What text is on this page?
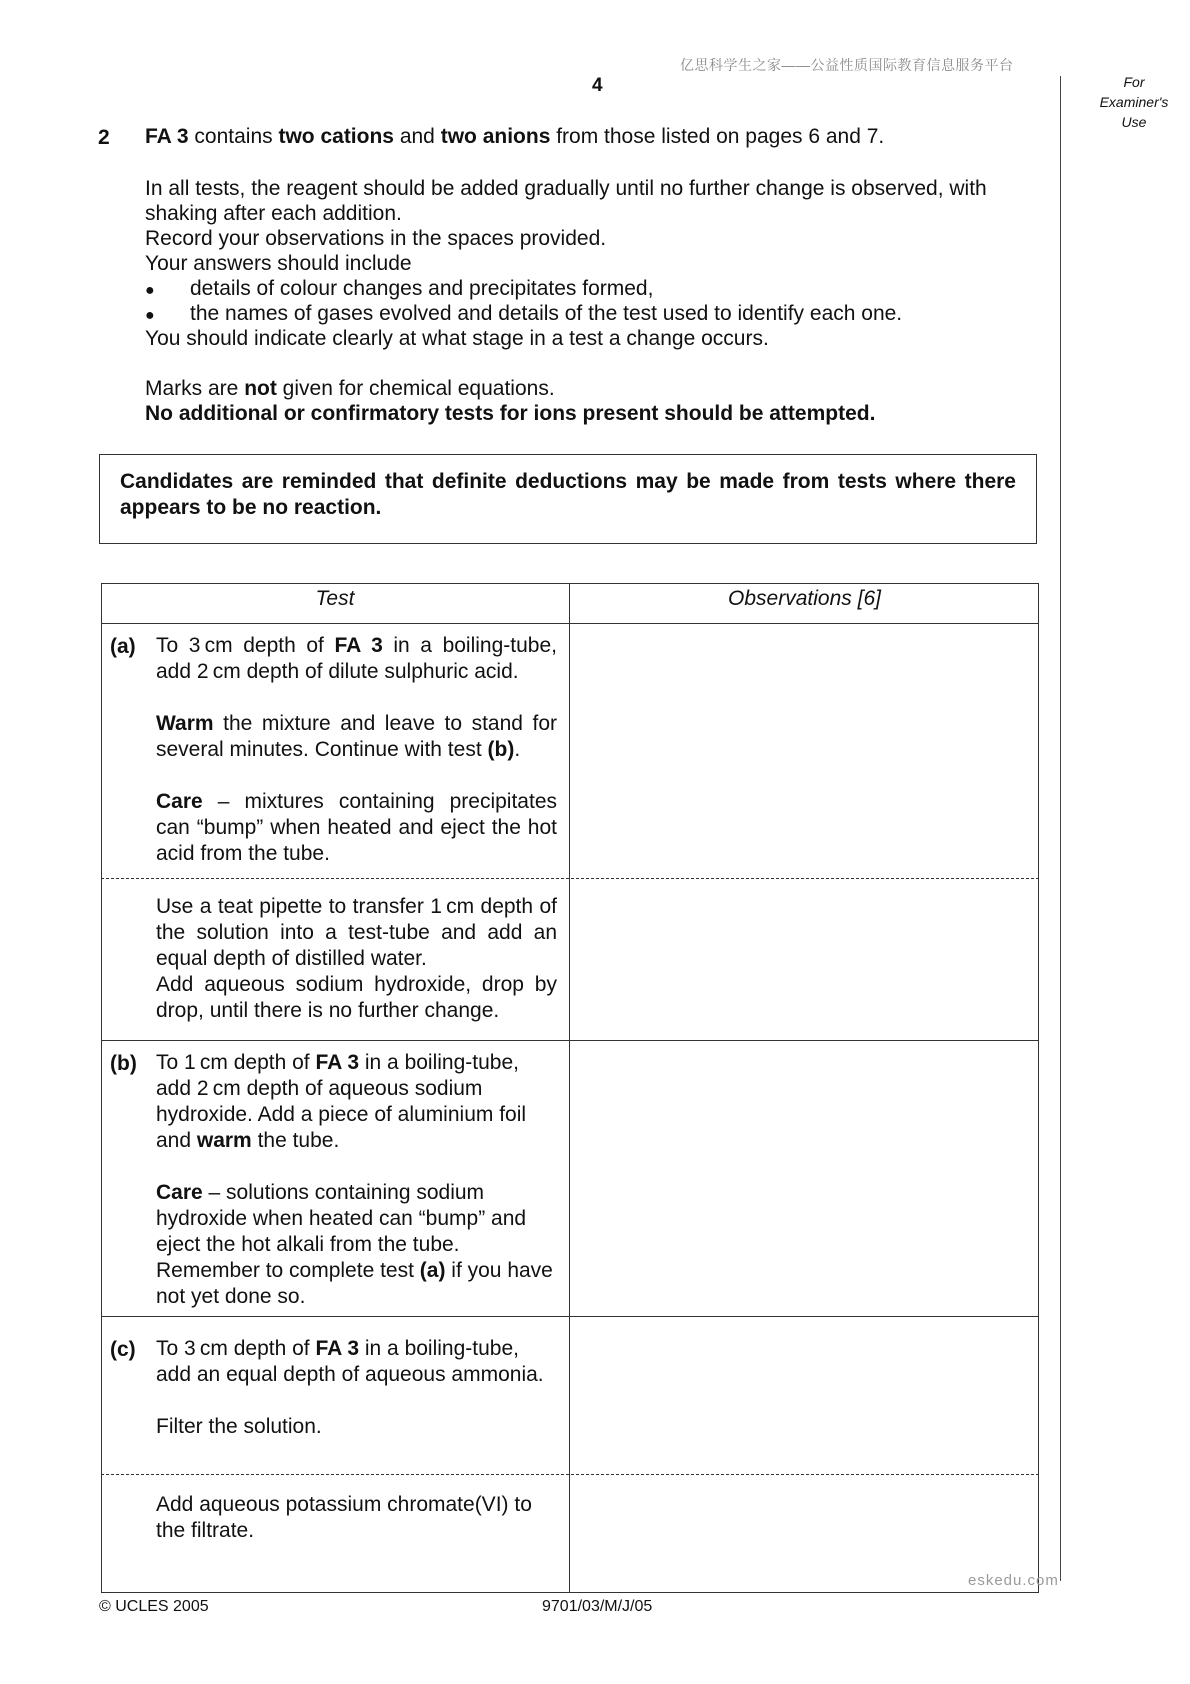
亿思科学生之家——公益性质国际教育信息服务平台
4	For
Examiner's
Use
2 FA 3 contains two cations and two anions from those listed on pages 6 and 7.
In all tests, the reagent should be added gradually until no further change is observed, with
shaking after each addition.
Record your observations in the spaces provided.
Your answers should include
● details of colour changes and precipitates formed,
● the names of gases evolved and details of the test used to identify each one.
You should indicate clearly at what stage in a test a change occurs.
Marks are not given for chemical equations.
No additional or confirmatory tests for ions present should be attempted.
Candidates are reminded that definite deductions may be made from tests where there appears to be no reaction.
Test	Observations [6]
(a) To 3 cm depth of FA 3 in a boiling-tube, add 2 cm depth of dilute sulphuric acid.

Warm the mixture and leave to stand for several minutes. Continue with test (b).

Care – mixtures containing precipitates can “bump” when heated and eject the hot acid from the tube.

Use a teat pipette to transfer 1 cm depth of the solution into a test-tube and add an equal depth of distilled water.

Add aqueous sodium hydroxide, drop by drop, until there is no further change.

(b) To 1 cm depth of FA 3 in a boiling-tube, add 2 cm depth of aqueous sodium hydroxide. Add a piece of aluminium foil and warm the tube.

Care – solutions containing sodium hydroxide when heated can “bump” and eject the hot alkali from the tube.

Remember to complete test (a) if you have not yet done so.

(c) To 3 cm depth of FA 3 in a boiling-tube, add an equal depth of aqueous ammonia.

Filter the solution.

Add aqueous potassium chromate(VI) to the filtrate.

eskedu.com
© UCLES 2005	9701/03/M/J/05
